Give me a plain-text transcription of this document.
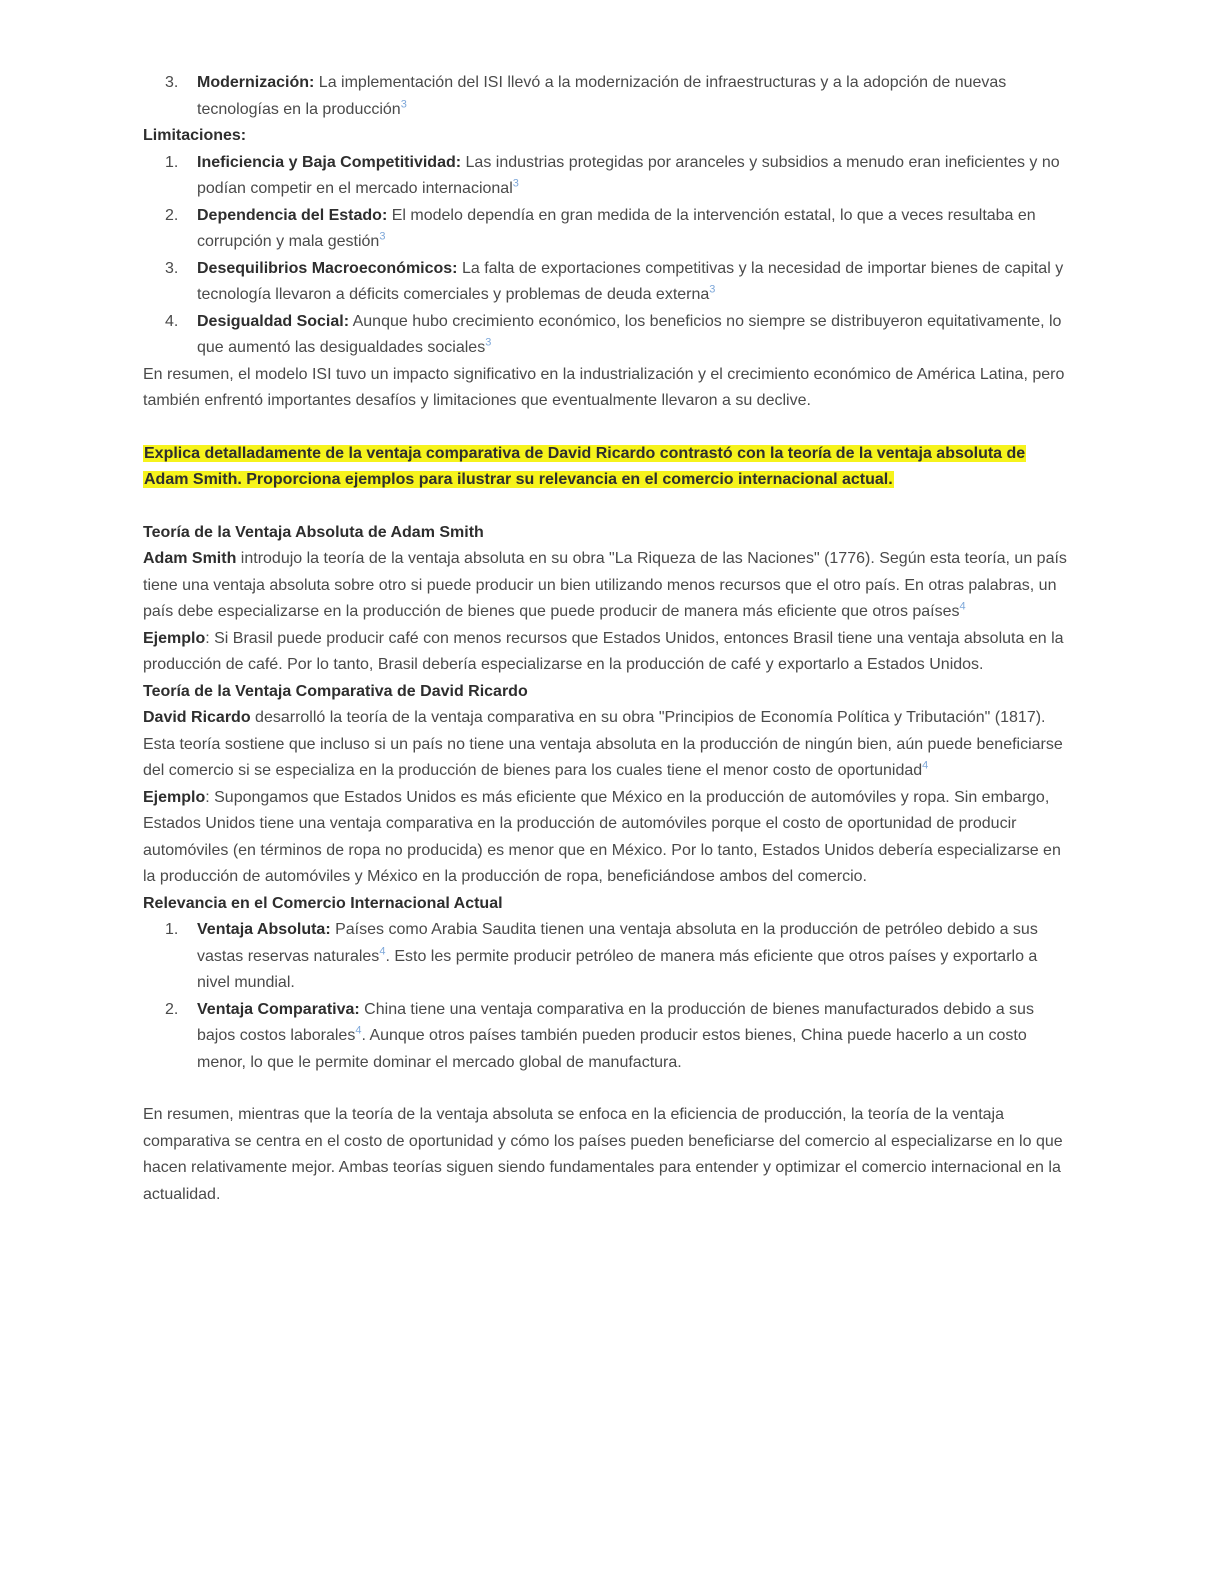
3. Modernización: La implementación del ISI llevó a la modernización de infraestructuras y a la adopción de nuevas tecnologías en la producción$^3$

Limitaciones:

1. Ineficiencia y Baja Competitividad: Las industrias protegidas por aranceles y subsidios a menudo eran ineficientes y no podían competir en el mercado internacional$^3$
2. Dependencia del Estado: El modelo dependía en gran medida de la intervención estatal, lo que a veces resultaba en corrupción y mala gestión$^3$
3. Desequilibrios Macroeconómicos: La falta de exportaciones competitivas y la necesidad de importar bienes de capital y tecnología llevaron a déficits comerciales y problemas de deuda externa$^3$
4. Desigualdad Social: Aunque hubo crecimiento económico, los beneficios no siempre se distribuyeron equitativamente, lo que aumentó las desigualdades sociales$^3$

En resumen, el modelo ISI tuvo un impacto significativo en la industrialización y el crecimiento económico de América Latina, pero también enfrentó importantes desafíos y limitaciones que eventualmente llevaron a su declive.

Explica detalladamente de la ventaja comparativa de David Ricardo contrastó con la teoría de la ventaja absoluta de Adam Smith. Proporciona ejemplos para ilustrar su relevancia en el comercio internacional actual.

Teoría de la Ventaja Absoluta de Adam Smith

Adam Smith introdujo la teoría de la ventaja absoluta en su obra "La Riqueza de las Naciones" (1776). Según esta teoría, un país tiene una ventaja absoluta sobre otro si puede producir un bien utilizando menos recursos que el otro país. En otras palabras, un país debe especializarse en la producción de bienes que puede producir de manera más eficiente que otros países$^4$

Ejemplo: Si Brasil puede producir café con menos recursos que Estados Unidos, entonces Brasil tiene una ventaja absoluta en la producción de café. Por lo tanto, Brasil debería especializarse en la producción de café y exportarlo a Estados Unidos.

Teoría de la Ventaja Comparativa de David Ricardo

David Ricardo desarrolló la teoría de la ventaja comparativa en su obra "Principios de Economía Política y Tributación" (1817). Esta teoría sostiene que incluso si un país no tiene una ventaja absoluta en la producción de ningún bien, aún puede beneficiarse del comercio si se especializa en la producción de bienes para los cuales tiene el menor costo de oportunidad$^4$

Ejemplo: Supongamos que Estados Unidos es más eficiente que México en la producción de automóviles y ropa. Sin embargo, Estados Unidos tiene una ventaja comparativa en la producción de automóviles porque el costo de oportunidad de producir automóviles (en términos de ropa no producida) es menor que en México. Por lo tanto, Estados Unidos debería especializarse en la producción de automóviles y México en la producción de ropa, beneficiándose ambos del comercio.

Relevancia en el Comercio Internacional Actual

1. Ventaja Absoluta: Países como Arabia Saudita tienen una ventaja absoluta en la producción de petróleo debido a sus vastas reservas naturales$^4$. Esto les permite producir petróleo de manera más eficiente que otros países y exportarlo a nivel mundial.
2. Ventaja Comparativa: China tiene una ventaja comparativa en la producción de bienes manufacturados debido a sus bajos costos laborales$^4$. Aunque otros países también pueden producir estos bienes, China puede hacerlo a un costo menor, lo que le permite dominar el mercado global de manufactura.

En resumen, mientras que la teoría de la ventaja absoluta se enfoca en la eficiencia de producción, la teoría de la ventaja comparativa se centra en el costo de oportunidad y cómo los países pueden beneficiarse del comercio al especializarse en lo que hacen relativamente mejor. Ambas teorías siguen siendo fundamentales para entender y optimizar el comercio internacional en la actualidad.
